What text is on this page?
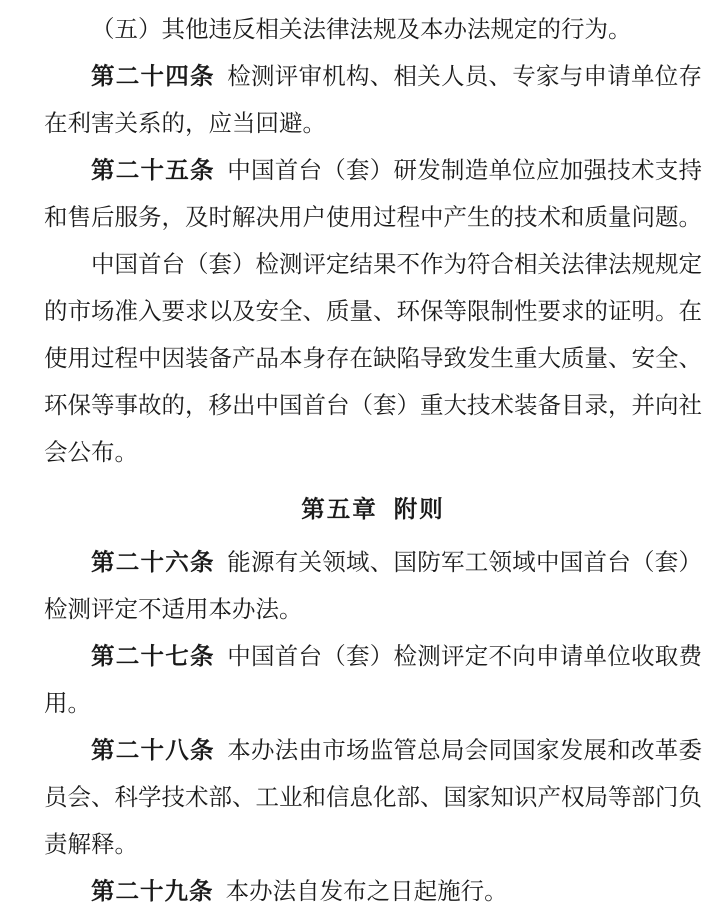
（五）其他违反相关法律法规及本办法规定的行为。

第二十四条  检测评审机构、相关人员、专家与申请单位存在利害关系的，应当回避。

第二十五条  中国首台（套）研发制造单位应加强技术支持和售后服务，及时解决用户使用过程中产生的技术和质量问题。

中国首台（套）检测评定结果不作为符合相关法律法规规定的市场准入要求以及安全、质量、环保等限制性要求的证明。在使用过程中因装备产品本身存在缺陷导致发生重大质量、安全、环保等事故的，移出中国首台（套）重大技术装备目录，并向社会公布。

第五章 附则

第二十六条  能源有关领域、国防军工领域中国首台（套）检测评定不适用本办法。

第二十七条  中国首台（套）检测评定不向申请单位收取费用。

第二十八条  本办法由市场监管总局会同国家发展和改革委员会、科学技术部、工业和信息化部、国家知识产权局等部门负责解释。

第二十九条  本办法自发布之日起施行。
